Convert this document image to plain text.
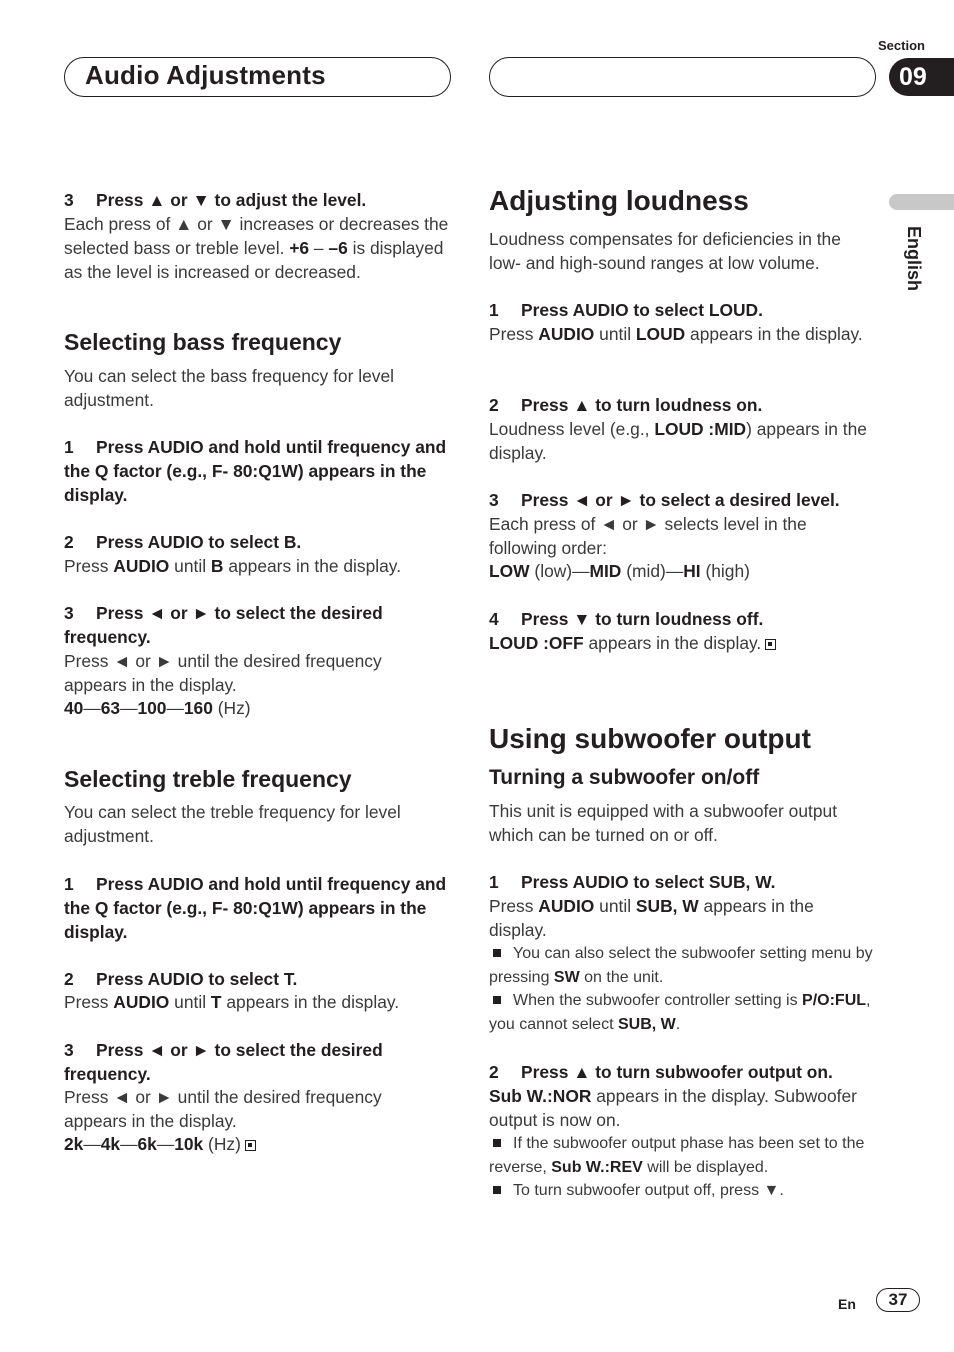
Audio Adjustments
Section
09
English

3 Press ▲ or ▼ to adjust the level.

Each press of ▲ or ▼ increases or decreases the selected bass or treble level. +6 – –6 is displayed as the level is increased or decreased.

Selecting bass frequency

You can select the bass frequency for level adjustment.

1 Press AUDIO and hold until frequency and the Q factor (e.g., F- 80:Q1W) appears in the display.

2 Press AUDIO to select B.

Press AUDIO until B appears in the display.

3 Press ◄ or ► to select the desired frequency.

Press ◄ or ► until the desired frequency appears in the display.

40—63—100—160 (Hz)

Selecting treble frequency

You can select the treble frequency for level adjustment.

1 Press AUDIO and hold until frequency and the Q factor (e.g., F- 80:Q1W) appears in the display.

2 Press AUDIO to select T.

Press AUDIO until T appears in the display.

3 Press ◄ or ► to select the desired frequency.

Press ◄ or ► until the desired frequency appears in the display.

2k—4k—6k—10k (Hz)

Adjusting loudness

Loudness compensates for deficiencies in the low- and high-sound ranges at low volume.

1 Press AUDIO to select LOUD.

Press AUDIO until LOUD appears in the display.

2 Press ▲ to turn loudness on.

Loudness level (e.g., LOUD :MID) appears in the display.

3 Press ◄ or ► to select a desired level.

Each press of ◄ or ► selects level in the following order:

LOW (low)—MID (mid)—HI (high)

4 Press ▼ to turn loudness off.

LOUD :OFF appears in the display.

Using subwoofer output
Turning a subwoofer on/off

This unit is equipped with a subwoofer output which can be turned on or off.

1 Press AUDIO to select SUB, W.

Press AUDIO until SUB, W appears in the display.

You can also select the subwoofer setting menu by pressing SW on the unit.

When the subwoofer controller setting is P/O:FUL, you cannot select SUB, W.

2 Press ▲ to turn subwoofer output on.

Sub W.:NOR appears in the display. Subwoofer output is now on.

If the subwoofer output phase has been set to the reverse, Sub W.:REV will be displayed.

To turn subwoofer output off, press ▼.

En	37
